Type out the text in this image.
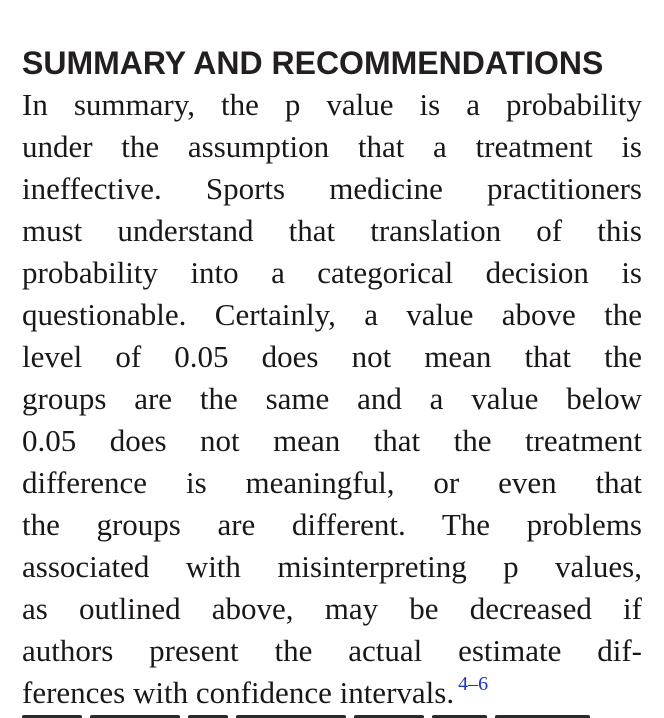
SUMMARY AND RECOMMENDATIONS
In summary, the p value is a probability
under the assumption that a treatment is
ineffective. Sports medicine practitioners
must understand that translation of this
probability into a categorical decision is
questionable. Certainly, a value above the
level of 0.05 does not mean that the
groups are the same and a value below
0.05 does not mean that the treatment
difference is meaningful, or even that
the groups are different. The problems
associated with misinterpreting p values,
as outlined above, may be decreased if
authors present the actual estimate dif-
ferences with confidence intervals. $^{4-6}$
